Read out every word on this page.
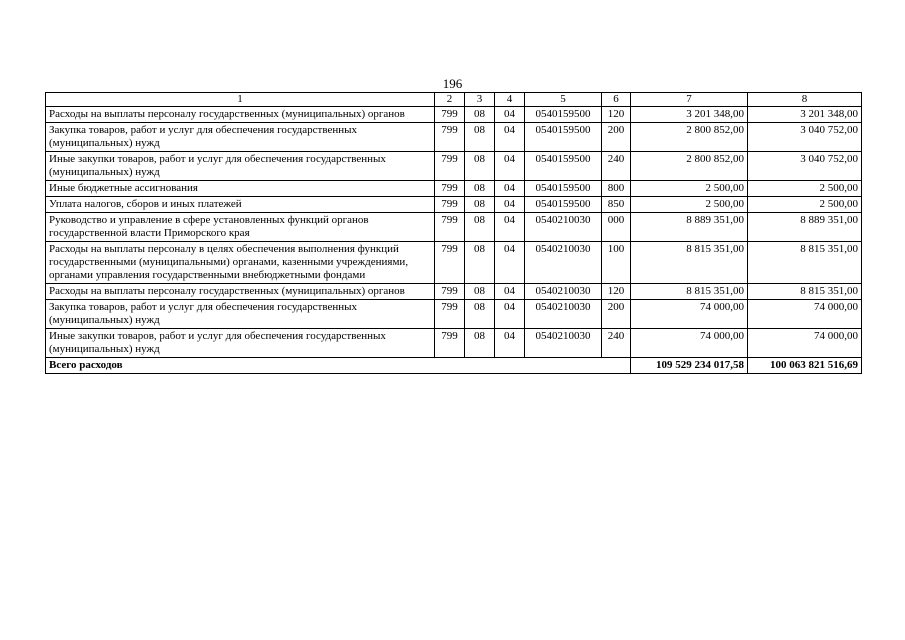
196
1	2	3	4	5	6	7	8
Расходы на выплаты персоналу государственных (муниципальных) органов	799	08	04	0540159500	120	3 201 348,00	3 201 348,00
Закупка товаров, работ и услуг для обеспечения государственных (муниципальных) нужд	799	08	04	0540159500	200	2 800 852,00	3 040 752,00
Иные закупки товаров, работ и услуг для обеспечения государственных (муниципальных) нужд	799	08	04	0540159500	240	2 800 852,00	3 040 752,00
Иные бюджетные ассигнования	799	08	04	0540159500	800	2 500,00	2 500,00
Уплата налогов, сборов и иных платежей	799	08	04	0540159500	850	2 500,00	2 500,00
Руководство и управление в сфере установленных функций органов государственной власти Приморского края	799	08	04	0540210030	000	8 889 351,00	8 889 351,00
Расходы на выплаты персоналу в целях обеспечения выполнения функций государственными (муниципальными) органами, казенными учреждениями, органами управления государственными внебюджетными фондами	799	08	04	0540210030	100	8 815 351,00	8 815 351,00
Расходы на выплаты персоналу государственных (муниципальных) органов	799	08	04	0540210030	120	8 815 351,00	8 815 351,00
Закупка товаров, работ и услуг для обеспечения государственных (муниципальных) нужд	799	08	04	0540210030	200	74 000,00	74 000,00
Иные закупки товаров, работ и услуг для обеспечения государственных (муниципальных) нужд	799	08	04	0540210030	240	74 000,00	74 000,00
Всего расходов						109 529 234 017,58	100 063 821 516,69
